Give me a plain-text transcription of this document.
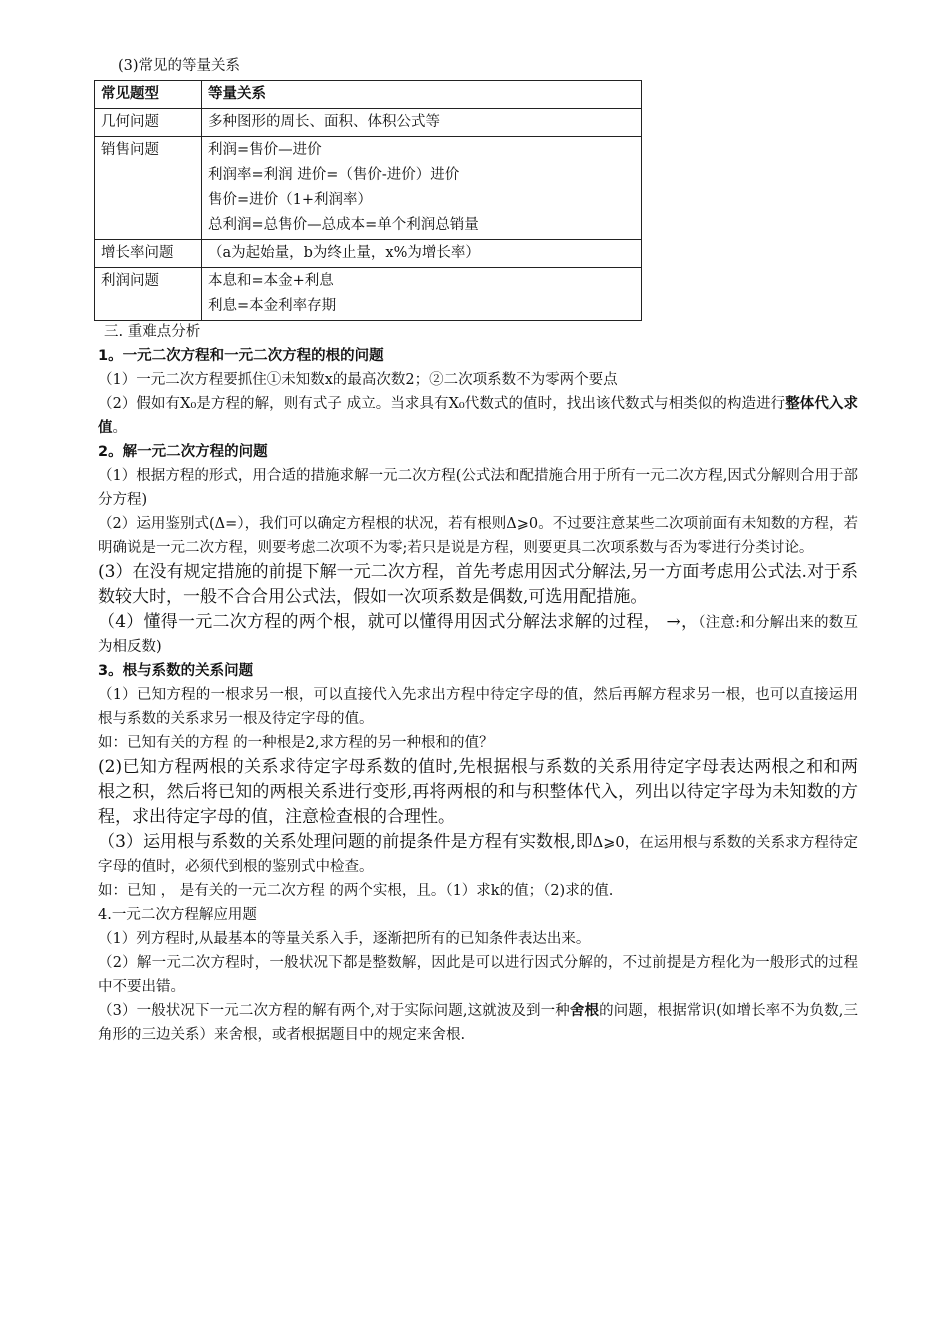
(3)常见的等量关系
常见题型	等量关系
几何问题	多种图形的周长、面积、体积公式等

销售问题	利润=售价—进价
利润率=利润 进价=（售价-进价）进价
售价=进价（1+利润率）
总利润=总售价—总成本=单个利润总销量

增长率问题	（a为起始量，b为终止量，x%为增长率）

利润问题	本息和=本金+利息
利息=本金利率存期

三. 重难点分析

1。一元二次方程和一元二次方程的根的问题

（1）一元二次方程要抓住①未知数x的最高次数2；②二次项系数不为零两个要点

（2）假如有X₀是方程的解，则有式子 成立。当求具有X₀代数式的值时，找出该代数式与相类似的构造进行整体代入求值。

2。解一元二次方程的问题

（1）根据方程的形式，用合适的措施求解一元二次方程(公式法和配措施合用于所有一元二次方程,因式分解则合用于部分方程)

（2）运用鉴别式(Δ=），我们可以确定方程根的状况，若有根则Δ⩾0。不过要注意某些二次项前面有未知数的方程，若明确说是一元二次方程，则要考虑二次项不为零;若只是说是方程，则要更具二次项系数与否为零进行分类讨论。

(3）在没有规定措施的前提下解一元二次方程，首先考虑用因式分解法,另一方面考虑用公式法.对于系数较大时，一般不合合用公式法，假如一次项系数是偶数,可选用配措施。

（4）懂得一元二次方程的两个根，就可以懂得用因式分解法求解的过程， →，（注意:和分解出来的数互为相反数)

3。根与系数的关系问题

（1）已知方程的一根求另一根，可以直接代入先求出方程中待定字母的值，然后再解方程求另一根，也可以直接运用根与系数的关系求另一根及待定字母的值。

如：已知有关的方程 的一种根是2,求方程的另一种根和的值？

(2)已知方程两根的关系求待定字母系数的值时,先根据根与系数的关系用待定字母表达两根之和和两根之积，然后将已知的两根关系进行变形,再将两根的和与积整体代入，列出以待定字母为未知数的方程，求出待定字母的值，注意检查根的合理性。

（3）运用根与系数的关系处理问题的前提条件是方程有实数根,即Δ⩾0，在运用根与系数的关系求方程待定字母的值时，必须代到根的鉴别式中检查。

如：已知 ， 是有关的一元二次方程 的两个实根，且。（1）求k的值；（2)求的值.

4.一元二次方程解应用题

（1）列方程时,从最基本的等量关系入手，逐渐把所有的已知条件表达出来。

（2）解一元二次方程时，一般状况下都是整数解，因此是可以进行因式分解的，不过前提是方程化为一般形式的过程中不要出错。

（3）一般状况下一元二次方程的解有两个,对于实际问题,这就波及到一种舍根的问题，根据常识(如增长率不为负数,三角形的三边关系）来舍根，或者根据题目中的规定来舍根.
